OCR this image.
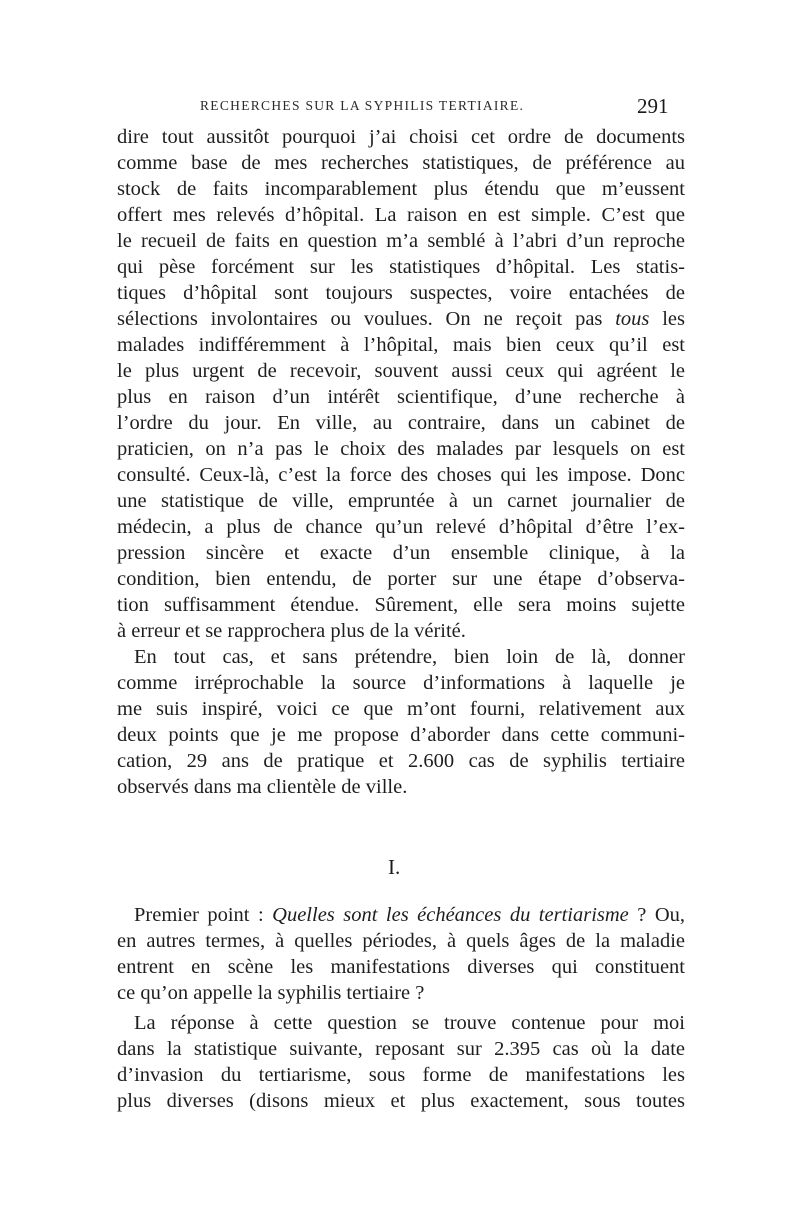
RECHERCHES SUR LA SYPHILIS TERTIAIRE.	291
dire tout aussitôt pourquoi j’ai choisi cet ordre de documents
comme base de mes recherches statistiques, de préférence au
stock de faits incomparablement plus étendu que m’eussent
offert mes relevés d’hôpital. La raison en est simple. C’est que
le recueil de faits en question m’a semblé à l’abri d’un reproche
qui pèse forcément sur les statistiques d’hôpital. Les statis-
tiques d’hôpital sont toujours suspectes, voire entachées de
sélections involontaires ou voulues. On ne reçoit pas tous les
malades indifféremment à l’hôpital, mais bien ceux qu’il est
le plus urgent de recevoir, souvent aussi ceux qui agréent le
plus en raison d’un intérêt scientifique, d’une recherche à
l’ordre du jour. En ville, au contraire, dans un cabinet de
praticien, on n’a pas le choix des malades par lesquels on est
consulté. Ceux-là, c’est la force des choses qui les impose. Donc
une statistique de ville, empruntée à un carnet journalier de
médecin, a plus de chance qu’un relevé d’hôpital d’être l’ex-
pression sincère et exacte d’un ensemble clinique, à la
condition, bien entendu, de porter sur une étape d’observa-
tion suffisamment étendue. Sûrement, elle sera moins sujette
à erreur et se rapprochera plus de la vérité.
En tout cas, et sans prétendre, bien loin de là, donner
comme irréprochable la source d’informations à laquelle je
me suis inspiré, voici ce que m’ont fourni, relativement aux
deux points que je me propose d’aborder dans cette communi-
cation, 29 ans de pratique et 2.600 cas de syphilis tertiaire
observés dans ma clientèle de ville.
I.
Premier point : Quelles sont les échéances du tertiarisme ? Ou,
en autres termes, à quelles périodes, à quels âges de la maladie
entrent en scène les manifestations diverses qui constituent
ce qu’on appelle la syphilis tertiaire ?
La réponse à cette question se trouve contenue pour moi
dans la statistique suivante, reposant sur 2.395 cas où la date
d’invasion du tertiarisme, sous forme de manifestations les
plus diverses (disons mieux et plus exactement, sous toutes
